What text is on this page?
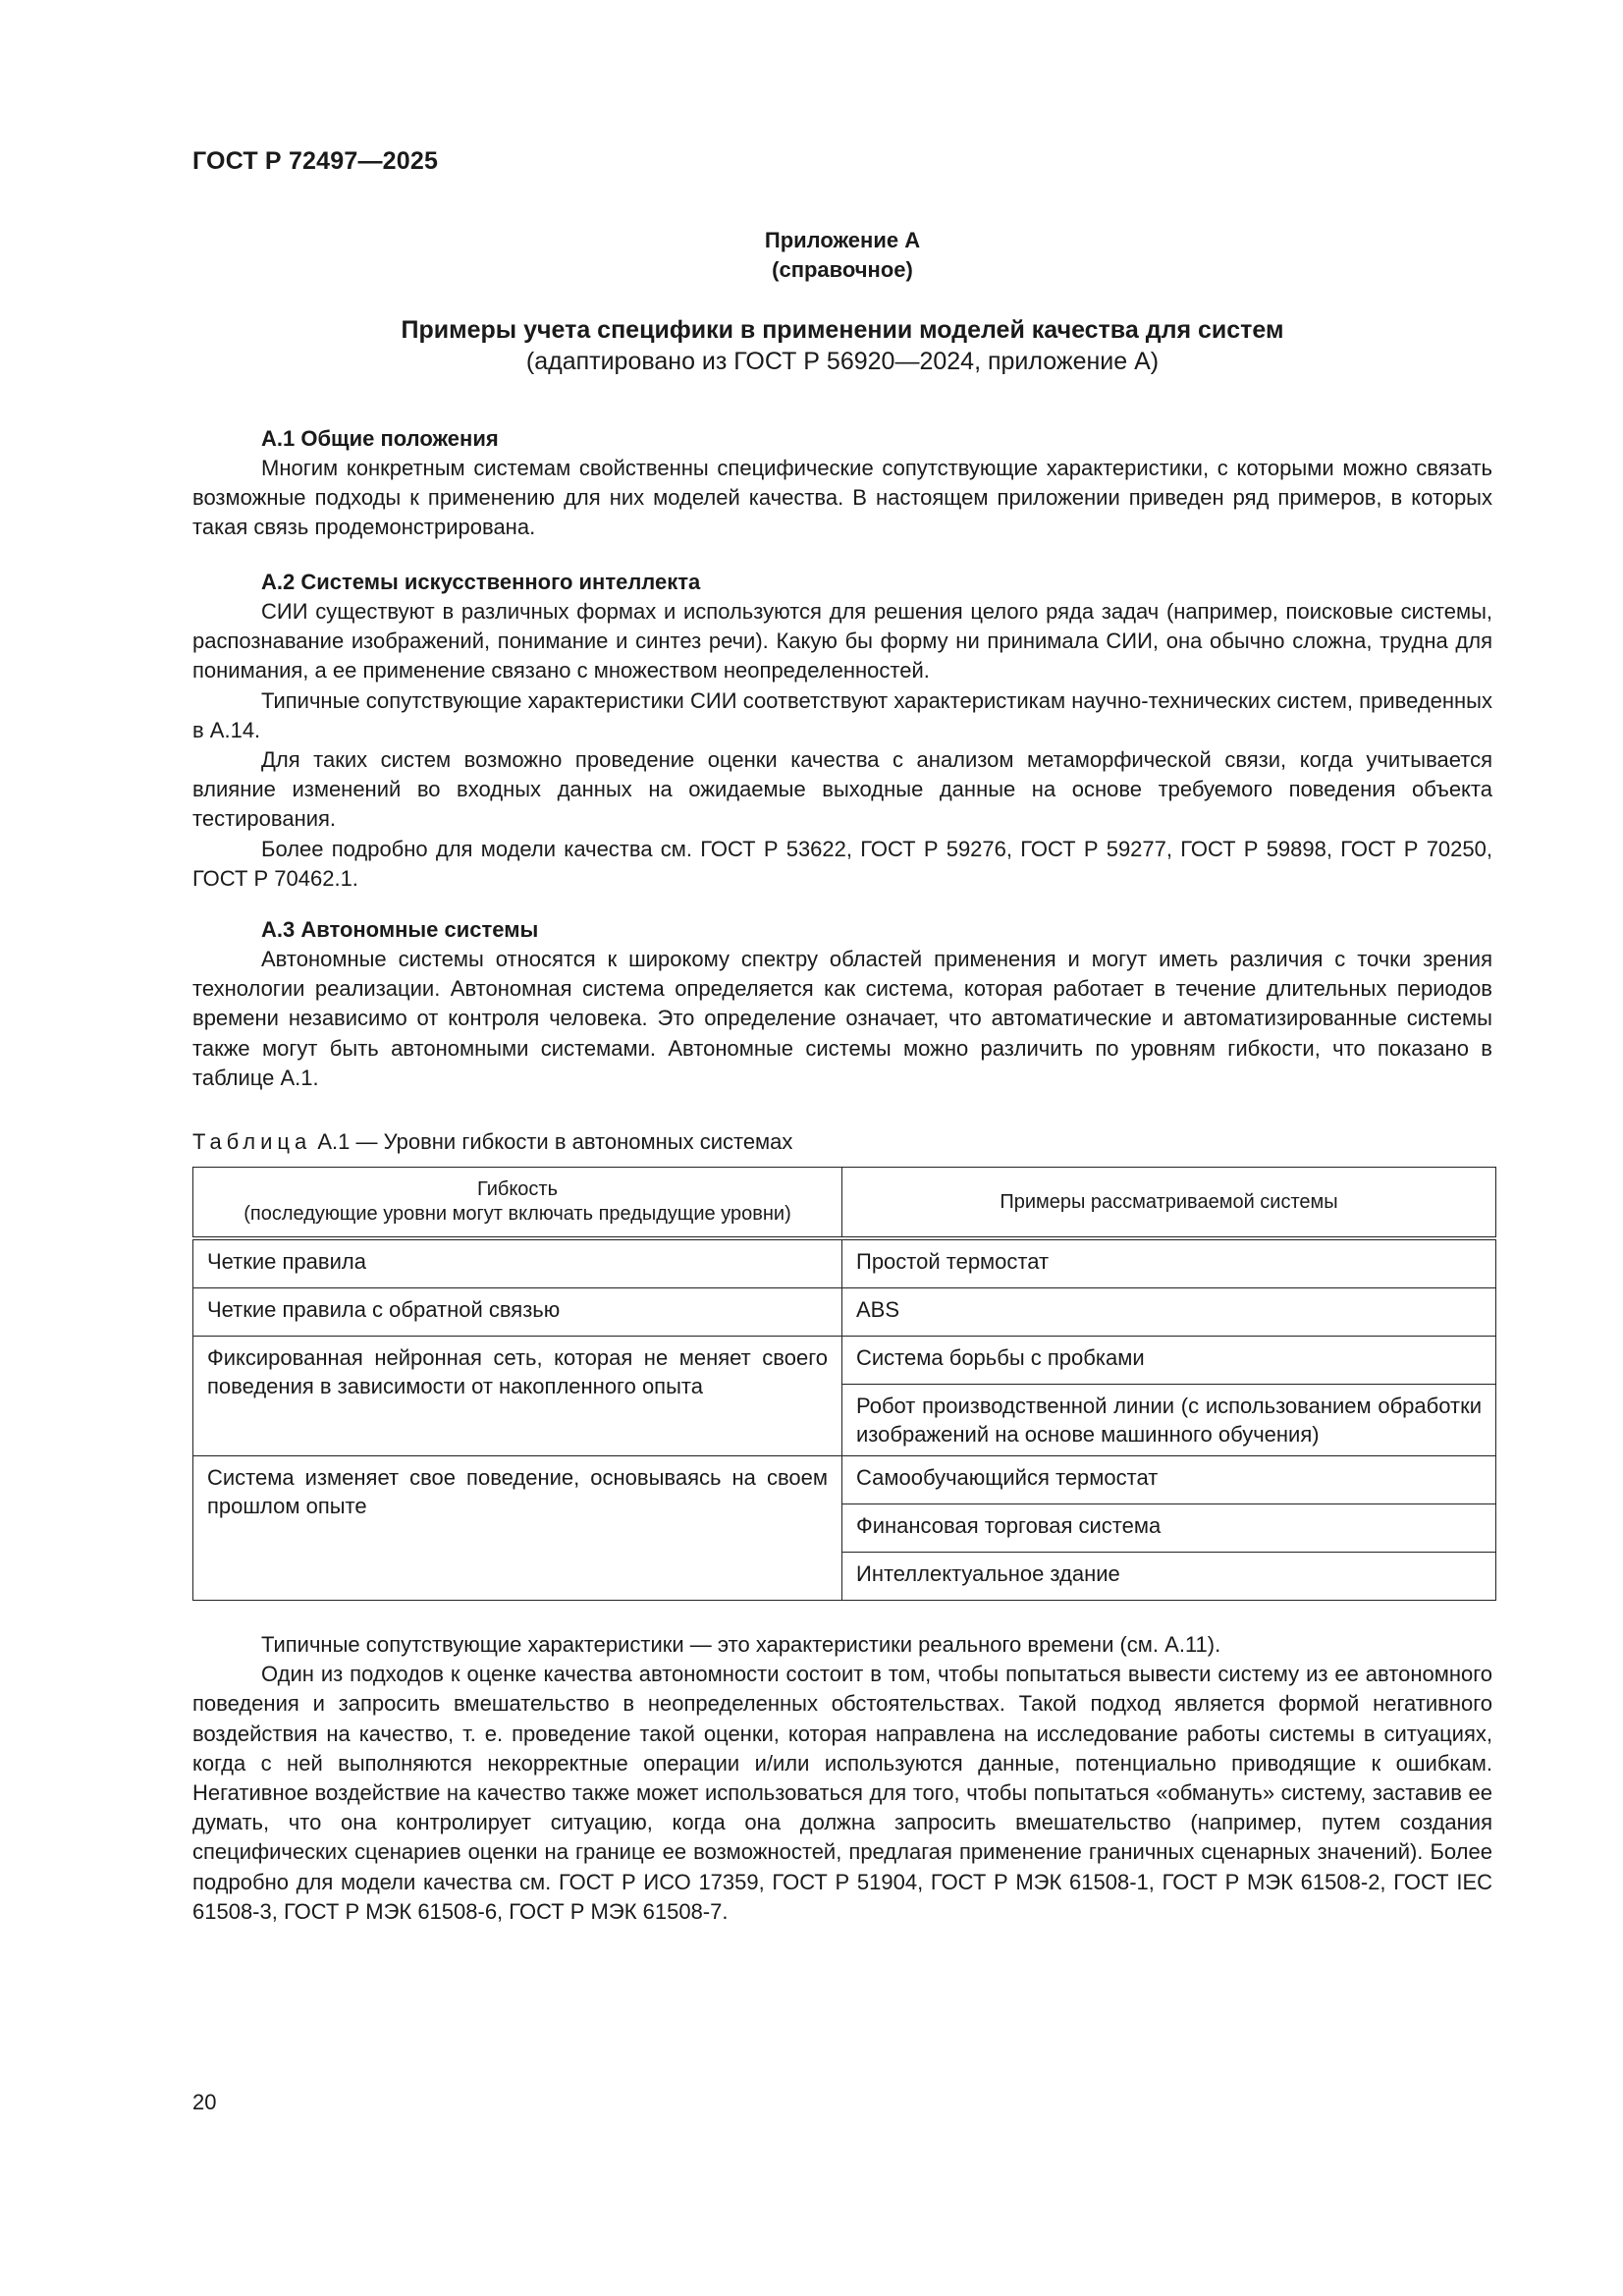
ГОСТ Р 72497—2025
Приложение А
(справочное)
Примеры учета специфики в применении моделей качества для систем
(адаптировано из ГОСТ Р 56920—2024, приложение А)
А.1 Общие положения

Многим конкретным системам свойственны специфические сопутствующие характеристики, с которыми можно связать возможные подходы к применению для них моделей качества. В настоящем приложении приведен ряд примеров, в которых такая связь продемонстрирована.

А.2 Системы искусственного интеллекта

СИИ существуют в различных формах и используются для решения целого ряда задач (например, поисковые системы, распознавание изображений, понимание и синтез речи). Какую бы форму ни принимала СИИ, она обычно сложна, трудна для понимания, а ее применение связано с множеством неопределенностей.

Типичные сопутствующие характеристики СИИ соответствуют характеристикам научно-технических систем, приведенных в А.14.

Для таких систем возможно проведение оценки качества с анализом метаморфической связи, когда учитывается влияние изменений во входных данных на ожидаемые выходные данные на основе требуемого поведения объекта тестирования.

Более подробно для модели качества см. ГОСТ Р 53622, ГОСТ Р 59276, ГОСТ Р 59277, ГОСТ Р 59898, ГОСТ Р 70250, ГОСТ Р 70462.1.

А.3 Автономные системы

Автономные системы относятся к широкому спектру областей применения и могут иметь различия с точки зрения технологии реализации. Автономная система определяется как система, которая работает в течение длительных периодов времени независимо от контроля человека. Это определение означает, что автоматические и автоматизированные системы также могут быть автономными системами. Автономные системы можно различить по уровням гибкости, что показано в таблице А.1.

Таблица А.1 — Уровни гибкости в автономных системах
Гибкость
(последующие уровни могут включать предыдущие уровни)	Примеры рассматриваемой системы
Четкие правила	Простой термостат
Четкие правила с обратной связью	ABS
Фиксированная нейронная сеть, которая не меняет своего поведения в зависимости от накопленного опыта	Система борьбы с пробками
	Робот производственной линии (с использованием обработки изображений на основе машинного обучения)
Система изменяет свое поведение, основываясь на своем прошлом опыте	Самообучающийся термостат
	Финансовая торговая система
	Интеллектуальное здание

Типичные сопутствующие характеристики — это характеристики реального времени (см. А.11).

Один из подходов к оценке качества автономности состоит в том, чтобы попытаться вывести систему из ее автономного поведения и запросить вмешательство в неопределенных обстоятельствах. Такой подход является формой негативного воздействия на качество, т. е. проведение такой оценки, которая направлена на исследование работы системы в ситуациях, когда с ней выполняются некорректные операции и/или используются данные, потенциально приводящие к ошибкам. Негативное воздействие на качество также может использоваться для того, чтобы попытаться «обмануть» систему, заставив ее думать, что она контролирует ситуацию, когда она должна запросить вмешательство (например, путем создания специфических сценариев оценки на границе ее возможностей, предлагая применение граничных сценарных значений). Более подробно для модели качества см. ГОСТ Р ИСО 17359, ГОСТ Р 51904, ГОСТ Р МЭК 61508-1, ГОСТ Р МЭК 61508-2, ГОСТ IEC 61508-3, ГОСТ Р МЭК 61508-6, ГОСТ Р МЭК 61508-7.

20
